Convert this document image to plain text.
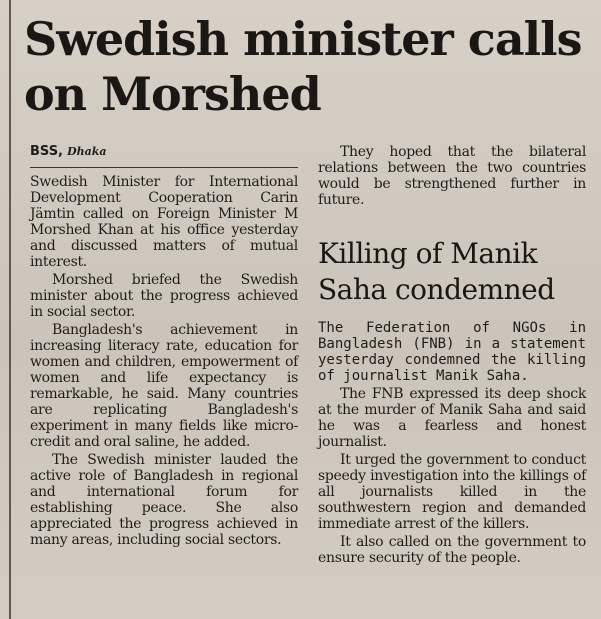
Swedish minister calls on Morshed
BSS, Dhaka

Swedish Minister for International Development Cooperation Carin Jämtin called on Foreign Minister M Morshed Khan at his office yesterday and discussed matters of mutual interest.

Morshed briefed the Swedish minister about the progress achieved in social sector.

Bangladesh's achievement in increasing literacy rate, education for women and children, empowerment of women and life expectancy is remarkable, he said. Many countries are replicating Bangladesh's experiment in many fields like micro-credit and oral saline, he added.

The Swedish minister lauded the active role of Bangladesh in regional and international forum for establishing peace. She also appreciated the progress achieved in many areas, including social sectors.

They hoped that the bilateral relations between the two countries would be strengthened further in future.

Killing of Manik Saha condemned

The Federation of NGOs in Bangladesh (FNB) in a statement yesterday condemned the killing of journalist Manik Saha.

The FNB expressed its deep shock at the murder of Manik Saha and said he was a fearless and honest journalist.

It urged the government to conduct speedy investigation into the killings of all journalists killed in the southwestern region and demanded immediate arrest of the killers.

It also called on the government to ensure security of the people.
